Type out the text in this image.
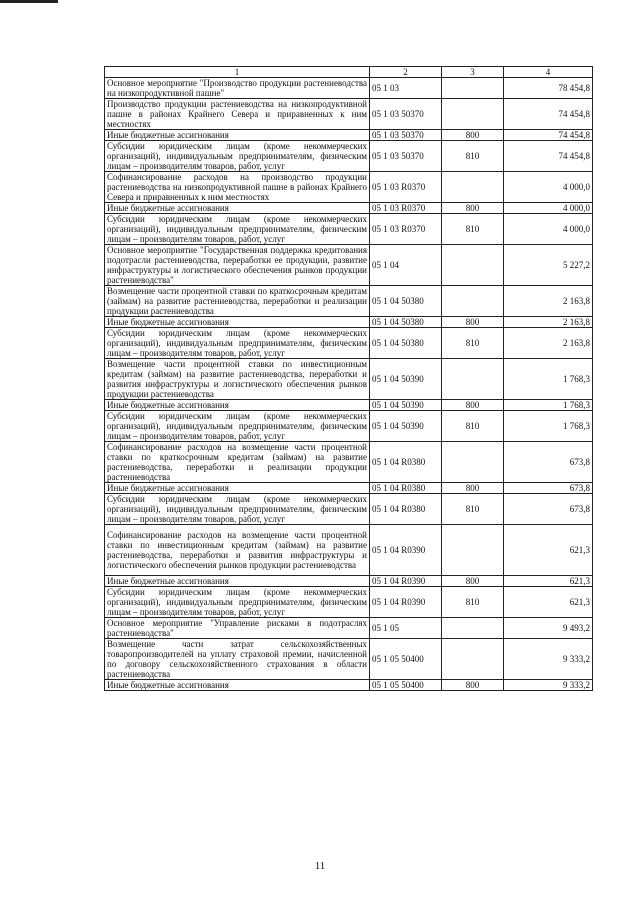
1	2	3	4
Основное мероприятие "Производство продукции растениеводства на низкопродуктивной пашне"	05 1 03		78 454,8
Производство продукции растениеводства на низкопродуктивной пашне в районах Крайнего Севера и приравненных к ним местностях	05 1 03 50370		74 454,8
Иные бюджетные ассигнования	05 1 03 50370	800	74 454,8
Субсидии юридическим лицам (кроме некоммерческих организаций), индивидуальным предпринимателям, физическим лицам – производителям товаров, работ, услуг	05 1 03 50370	810	74 454,8
Софинансирование расходов на производство продукции растениеводства на низкопродуктивной пашне в районах Крайнего Севера и приравненных к ним местностях	05 1 03 R0370		4 000,0
Иные бюджетные ассигнования	05 1 03 R0370	800	4 000,0
Субсидии юридическим лицам (кроме некоммерческих организаций), индивидуальным предпринимателям, физическим лицам – производителям товаров, работ, услуг	05 1 03 R0370	810	4 000,0
Основное мероприятие "Государственная поддержка кредитования подотрасли растениеводства, переработки ее продукции, развитие инфраструктуры и логистического обеспечения рынков продукции растениеводства"	05 1 04		5 227,2
Возмещение части процентной ставки по краткосрочным кредитам (займам) на развитие растениеводства, переработки и реализации продукции растениеводства	05 1 04 50380		2 163,8
Иные бюджетные ассигнования	05 1 04 50380	800	2 163,8
Субсидии юридическим лицам (кроме некоммерческих организаций), индивидуальным предпринимателям, физическим лицам – производителям товаров, работ, услуг	05 1 04 50380	810	2 163,8
Возмещение части процентной ставки по инвестиционным кредитам (займам) на развитие растениеводства, переработки и развития инфраструктуры и логистического обеспечения рынков продукции растениеводства	05 1 04 50390		1 768,3
Иные бюджетные ассигнования	05 1 04 50390	800	1 768,3
Субсидии юридическим лицам (кроме некоммерческих организаций), индивидуальным предпринимателям, физическим лицам – производителям товаров, работ, услуг	05 1 04 50390	810	1 768,3
Софинансирование расходов на возмещение части процентной ставки по краткосрочным кредитам (займам) на развитие растениеводства, переработки и реализации продукции растениеводства	05 1 04 R0380		673,8
Иные бюджетные ассигнования	05 1 04 R0380	800	673,8
Субсидии юридическим лицам (кроме некоммерческих организаций), индивидуальным предпринимателям, физическим лицам – производителям товаров, работ, услуг	05 1 04 R0380	810	673,8
Софинансирование расходов на возмещение части процентной ставки по инвестиционным кредитам (займам) на развитие растениеводства, переработки и развития инфраструктуры и логистического обеспечения рынков продукции растениеводства	05 1 04 R0390		621,3
Иные бюджетные ассигнования	05 1 04 R0390	800	621,3
Субсидии юридическим лицам (кроме некоммерческих организаций), индивидуальным предпринимателям, физическим лицам – производителям товаров, работ, услуг	05 1 04 R0390	810	621,3
Основное мероприятие "Управление рисками в подотраслях растениеводства"	05 1 05		9 493,2
Возмещение части затрат сельскохозяйственных товаропроизводителей на уплату страховой премии, начисленной по договору сельскохозяйственного страхования в области растениеводства	05 1 05 50400		9 333,2
Иные бюджетные ассигнования	05 1 05 50400	800	9 333,2
11
